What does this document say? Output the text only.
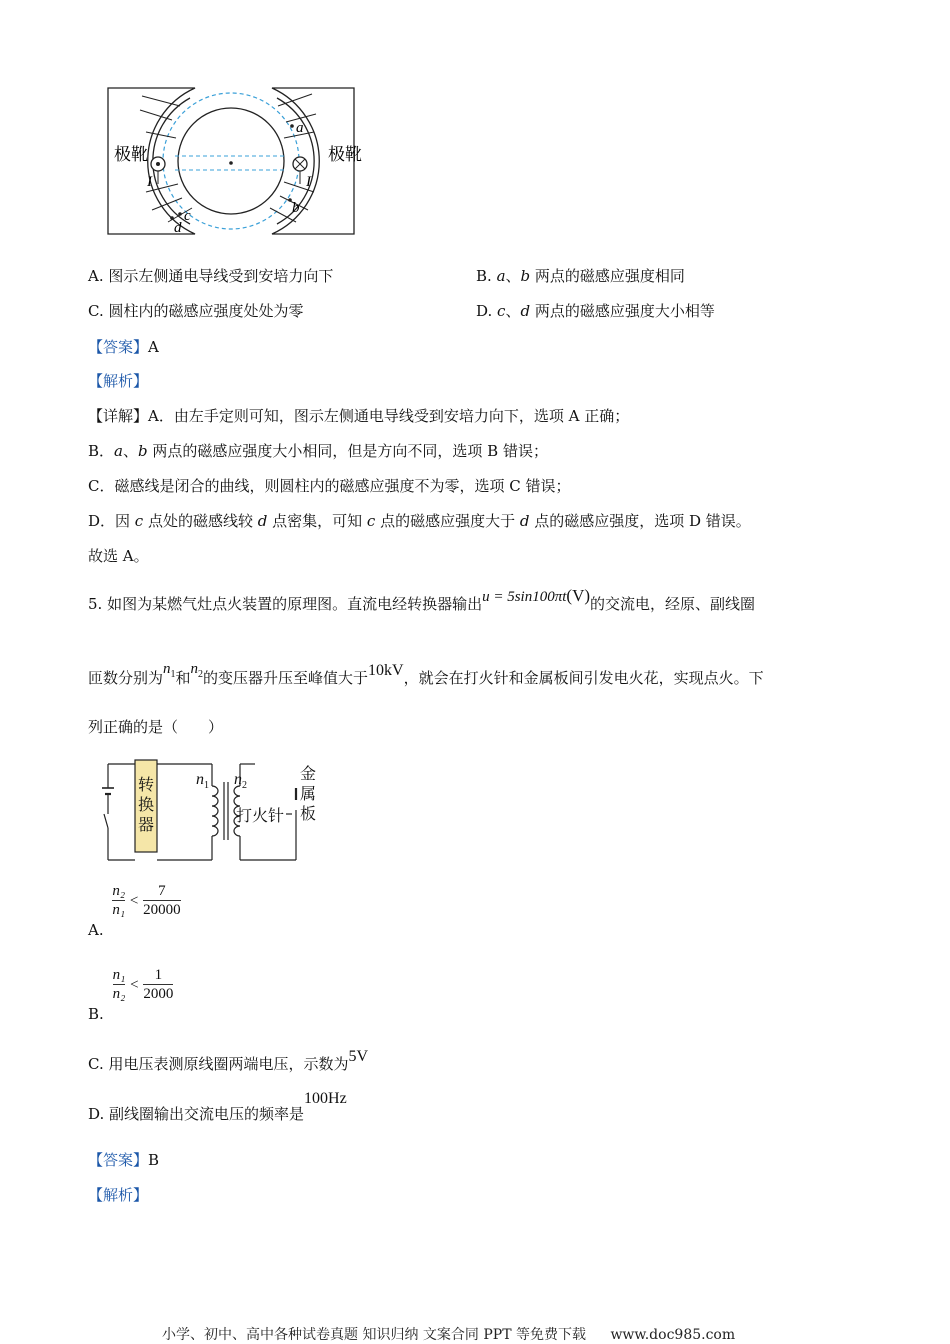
极靴	极靴
a
b
c
d
I	I
A. 图示左侧通电导线受到安培力向下	B. a、b 两点的磁感应强度相同
C. 圆柱内的磁感应强度处处为零	D. c、d 两点的磁感应强度大小相等
【答案】A
【解析】
【详解】A．由左手定则可知，图示左侧通电导线受到安培力向下，选项 A 正确；
B．a、b 两点的磁感应强度大小相同，但是方向不同，选项 B 错误；
C．磁感线是闭合的曲线，则圆柱内的磁感应强度不为零，选项 C 错误；
D．因 c 点处的磁感线较 d 点密集，可知 c 点的磁感应强度大于 d 点的磁感应强度，选项 D 错误。
故选 A。
5. 如图为某燃气灶点火装置的原理图。直流电经转换器输出u = 5sin100πt(V)的交流电，经原、副线圈
匝数分别为$n_1$和$n_2$的变压器升压至峰值大于10kV，就会在打火针和金属板间引发电火花，实现点火。下
列正确的是（　　）
转换器
$n_1$ $n_2$
打火针
金属板
A.
$\frac{\text{n₂}}{\text{n₁}} < \frac{7}{20000}$
B.
$\frac{\text{n₁}}{\text{n₂}} < \frac{1}{2000}$
C. 用电压表测原线圈两端电压，示数为5V
D. 副线圈输出交流电压的频率是100Hz
【答案】B
【解析】
小学、初中、高中各种试卷真题 知识归纳 文案合同 PPT 等免费下载 www.doc985.com
